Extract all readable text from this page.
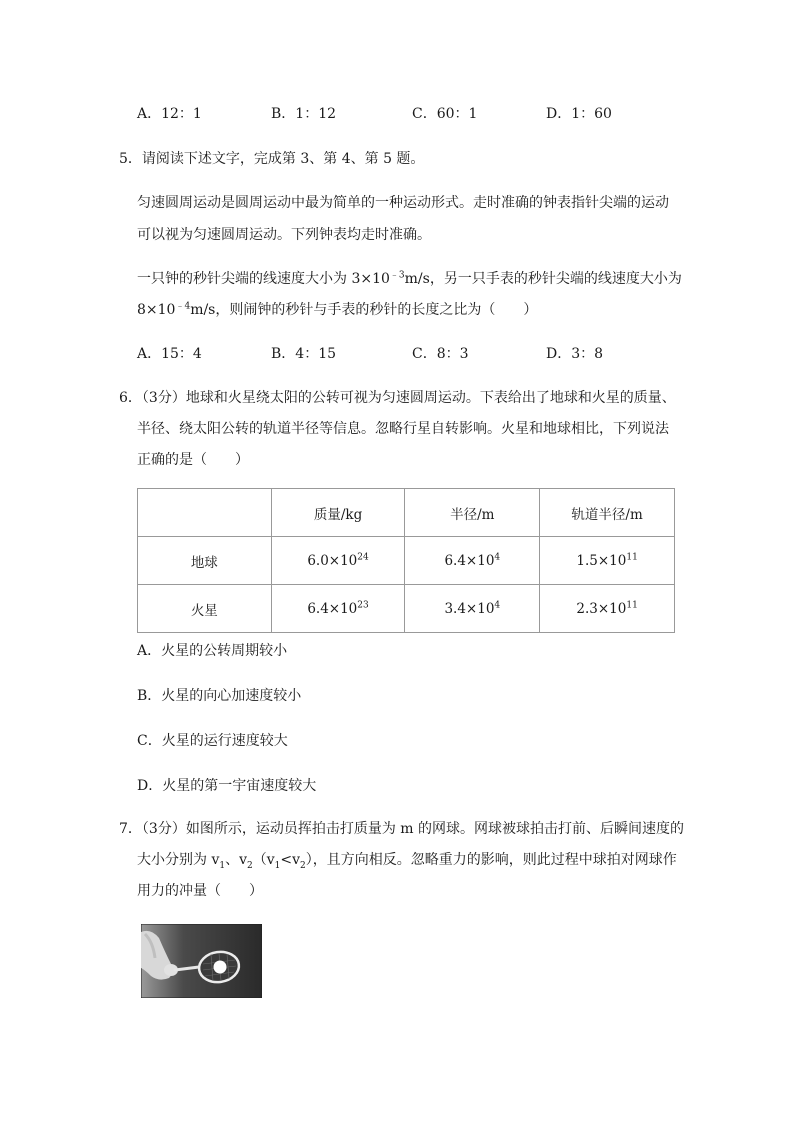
A．12：1	B．1：12	C．60：1	D．1：60
5．请阅读下述文字，完成第 3、第 4、第 5 题。
匀速圆周运动是圆周运动中最为简单的一种运动形式。走时准确的钟表指针尖端的运动
可以视为匀速圆周运动。下列钟表均走时准确。
一只钟的秒针尖端的线速度大小为 $3\times 10^{﹣3}m/s$，另一只手表的秒针尖端的线速度大小为
$8\times 10^{﹣4}m/s$，则闹钟的秒针与手表的秒针的长度之比为（　　）
A．15：4	B．4：15	C．8：3	D．3：8
6．（3分）地球和火星绕太阳的公转可视为匀速圆周运动。下表给出了地球和火星的质量、
半径、绕太阳公转的轨道半径等信息。忽略行星自转影响。火星和地球相比，下列说法
正确的是（　　）
	质量/kg	半径/m	轨道半径/m
地球	$6.0\times 10^{24}$	$6.4\times 10^4$	$1.5\times 10^{11}$
火星	$6.4\times 10^{23}$	$3.4\times 10^4$	$2.3\times 10^{11}$
A．火星的公转周期较小
B．火星的向心加速度较小
C．火星的运行速度较大
D．火星的第一宇宙速度较大
7．（3分）如图所示，运动员挥拍击打质量为 m 的网球。网球被球拍击打前、后瞬间速度的
大小分别为 $v_1$、$v_2(v_1<v_2)$，且方向相反。忽略重力的影响，则此过程中球拍对网球作
用力的冲量（　　）
